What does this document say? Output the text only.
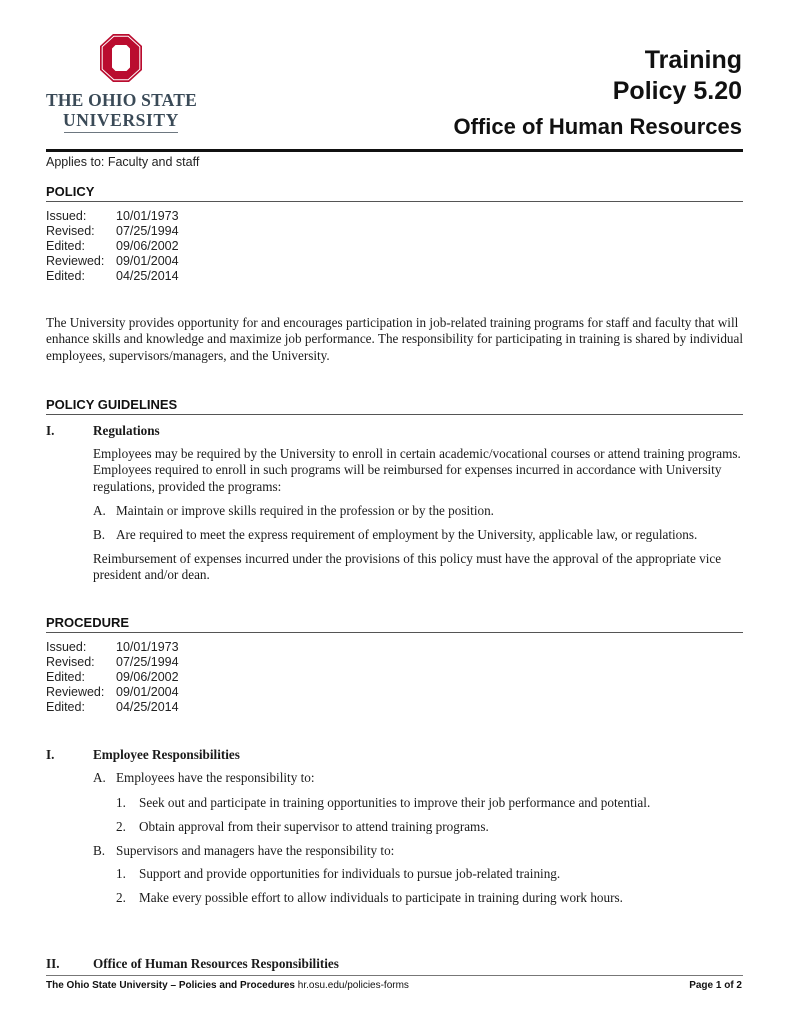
THE OHIO STATE
UNIVERSITY
Training
Policy 5.20
Office of Human Resources
Applies to: Faculty and staff
POLICY
Issued:	10/01/1973
Revised:	07/25/1994
Edited:	09/06/2002
Reviewed: 09/01/2004
Edited:	04/25/2014
The University provides opportunity for and encourages participation in job-related training programs for staff and faculty that will enhance skills and knowledge and maximize job performance. The responsibility for participating in training is shared by individual employees, supervisors/managers, and the University.
POLICY GUIDELINES
I.	Regulations
Employees may be required by the University to enroll in certain academic/vocational courses or attend training programs. Employees required to enroll in such programs will be reimbursed for expenses incurred in accordance with University regulations, provided the programs:
A. Maintain or improve skills required in the profession or by the position.
B. Are required to meet the express requirement of employment by the University, applicable law, or regulations.
Reimbursement of expenses incurred under the provisions of this policy must have the approval of the appropriate vice president and/or dean.
PROCEDURE
Issued:	10/01/1973
Revised:	07/25/1994
Edited:	09/06/2002
Reviewed: 09/01/2004
Edited:	04/25/2014
I.	Employee Responsibilities
A. Employees have the responsibility to:
1. Seek out and participate in training opportunities to improve their job performance and potential.
2. Obtain approval from their supervisor to attend training programs.
B. Supervisors and managers have the responsibility to:
1. Support and provide opportunities for individuals to pursue job-related training.
2. Make every possible effort to allow individuals to participate in training during work hours.
II.	Office of Human Resources Responsibilities
The Ohio State University – Policies and Procedures hr.osu.edu/policies-forms	Page 1 of 2
